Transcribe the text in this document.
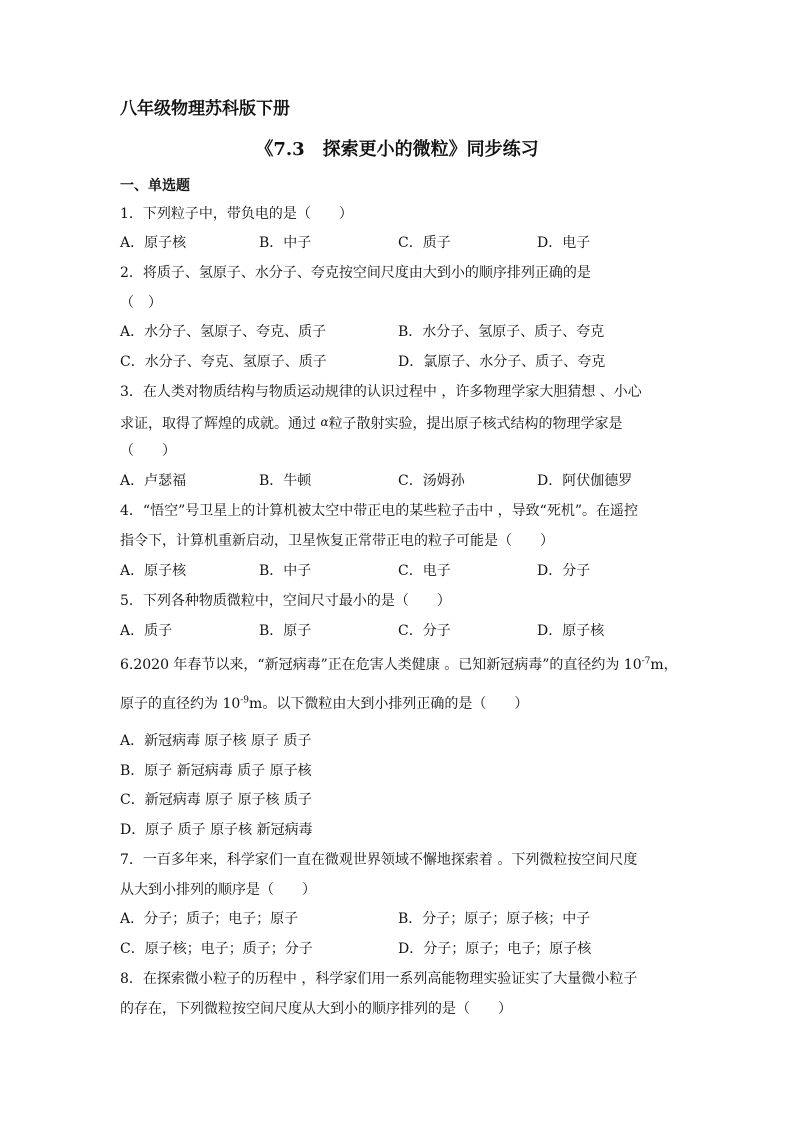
八年级物理苏科版下册
《7.3　探索更小的微粒》同步练习
一、单选题
1．下列粒子中，带负电的是（　　）
A．原子核	B．中子	C．质子	D．电子
2．将质子、氢原子、水分子、夸克按空间尺度由大到小的顺序排列正确的是
（　）
A．水分子、氢原子、夸克、质子	B．水分子、氢原子、质子、夸克
C．水分子、夸克、氢原子、质子	D．氯原子、水分子、质子、夸克
3．在人类对物质结构与物质运动规律的认识过程中 ，许多物理学家大胆猜想 、小心
求证，取得了辉煌的成就。通过 α粒子散射实验，提出原子核式结构的物理学家是
（　　）
A．卢瑟福	B．牛顿	C．汤姆孙	D．阿伏伽德罗
4．“悟空”号卫星上的计算机被太空中带正电的某些粒子击中 ，导致“死机”。在遥控
指令下，计算机重新启动，卫星恢复正常带正电的粒子可能是（　　）
A．原子核	B．中子	C．电子	D．分子
5．下列各种物质微粒中，空间尺寸最小的是（　　）
A．质子	B．原子	C．分子	D．原子核
6.2020 年春节以来，“新冠病毒”正在危害人类健康 。已知新冠病毒”的直径约为 $10^{-7}m$，
原子的直径约为 $10^{-9}m$。以下微粒由大到小排列正确的是（　　）
A．新冠病毒 原子核 原子 质子
B．原子 新冠病毒 质子 原子核
C．新冠病毒 原子 原子核 质子
D．原子 质子 原子核 新冠病毒
7．一百多年来，科学家们一直在微观世界领域不懈地探索着 。下列微粒按空间尺度
从大到小排列的顺序是（　　）
A．分子；质子；电子；原子	B．分子；原子；原子核；中子
C．原子核；电子；质子；分子	D．分子；原子；电子；原子核
8．在探索微小粒子的历程中 ，科学家们用一系列高能物理实验证实了大量微小粒子
的存在，下列微粒按空间尺度从大到小的顺序排列的是（　　）
